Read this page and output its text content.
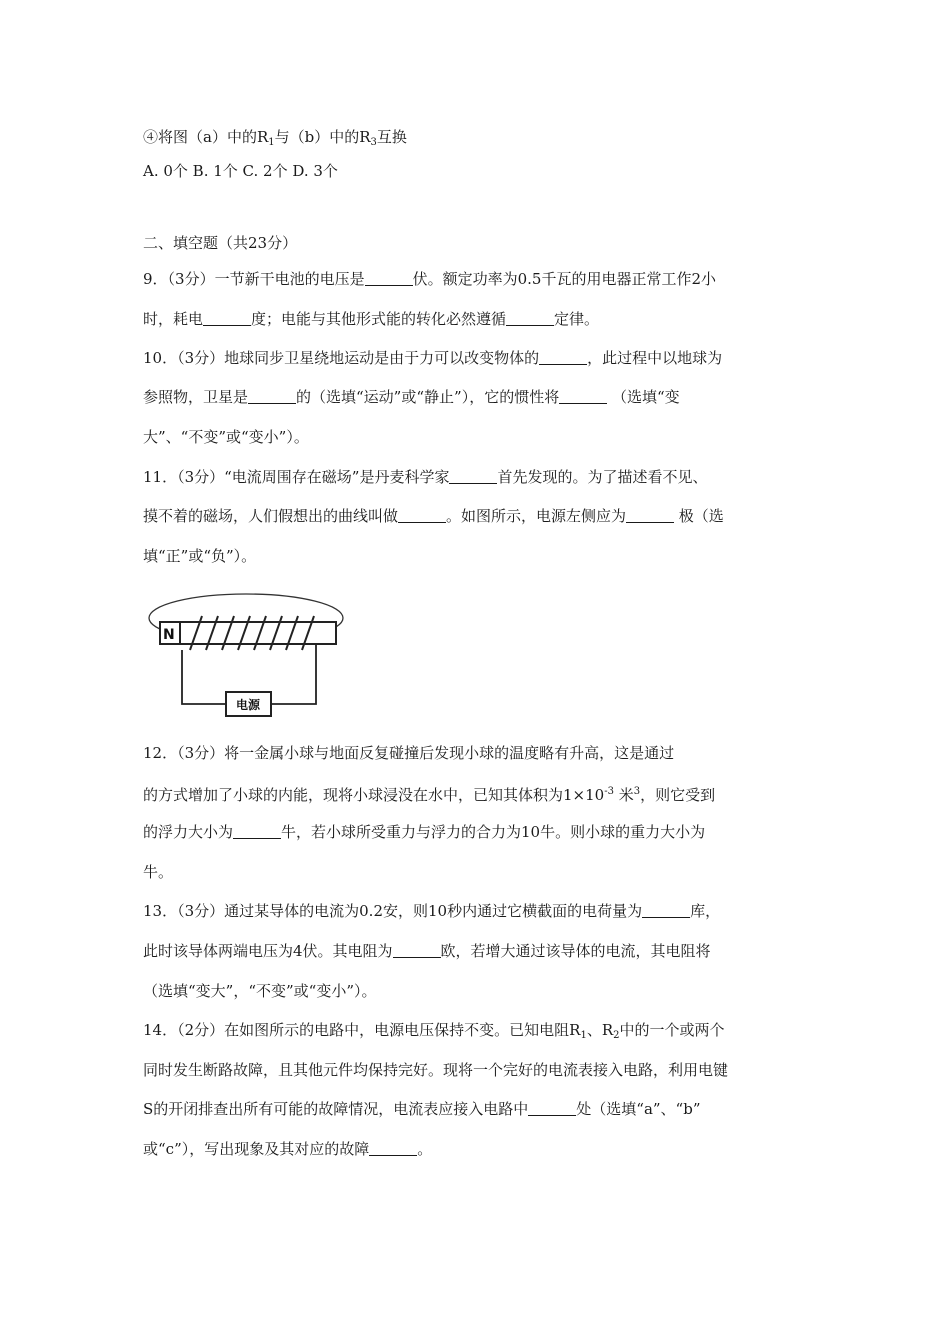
④将图（a）中的$R_1$与（b）中的$R_3$互换
A. 0个 B. 1个 C. 2个 D. 3个
二、填空题（共23分）
9．（3分）一节新干电池的电压是	伏。额定功率为0.5千瓦的用电器正常工作2小
时，耗电	度；电能与其他形式能的转化必然遵循	定律。
10．（3分）地球同步卫星绕地运动是由于力可以改变物体的	，此过程中以地球为
参照物，卫星是	的（选填“运动”或“静止”），它的惯性将	（选填“变
大”、“不变”或“变小”）。
11．（3分）“电流周围存在磁场”是丹麦科学家	首先发现的。为了描述看不见、
摸不着的磁场，人们假想出的曲线叫做	。如图所示，电源左侧应为	极（选
填“正”或“负”）。
N
电源
12．（3分）将一金属小球与地面反复碰撞后发现小球的温度略有升高，这是通过
的方式增加了小球的内能，现将小球浸没在水中，已知其体积为$1\times 10^{-3}$ 米$^3$，则它受到
的浮力大小为	牛，若小球所受重力与浮力的合力为10牛。则小球的重力大小为
牛。
13．（3分）通过某导体的电流为0.2安，则10秒内通过它横截面的电荷量为	库，
此时该导体两端电压为4伏。其电阻为	欧，若增大通过该导体的电流，其电阻将
（选填“变大”，“不变”或“变小”）。
14．（2分）在如图所示的电路中，电源电压保持不变。已知电阻$R_1$、$R_2$中的一个或两个
同时发生断路故障，且其他元件均保持完好。现将一个完好的电流表接入电路，利用电键
S的开闭排查出所有可能的故障情况，电流表应接入电路中	处（选填“a”、“b”
或“c”），写出现象及其对应的故障	。
